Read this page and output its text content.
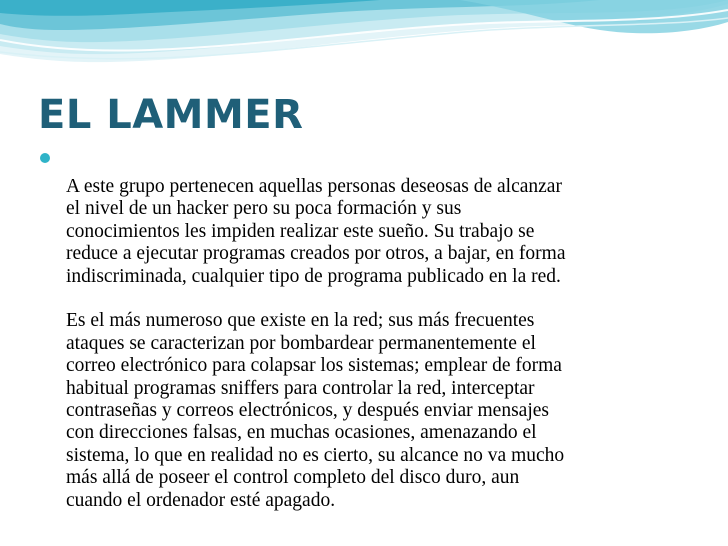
EL LAMMER

A este grupo pertenecen aquellas personas deseosas de alcanzar
el nivel de un hacker pero su poca formación y sus
conocimientos les impiden realizar este sueño. Su trabajo se
reduce a ejecutar programas creados por otros, a bajar, en forma
indiscriminada, cualquier tipo de programa publicado en la red.

Es el más numeroso que existe en la red; sus más frecuentes
ataques se caracterizan por bombardear permanentemente el
correo electrónico para colapsar los sistemas; emplear de forma
habitual programas sniffers para controlar la red, interceptar
contraseñas y correos electrónicos, y después enviar mensajes
con direcciones falsas, en muchas ocasiones, amenazando el
sistema, lo que en realidad no es cierto, su alcance no va mucho
más allá de poseer el control completo del disco duro, aun
cuando el ordenador esté apagado.
